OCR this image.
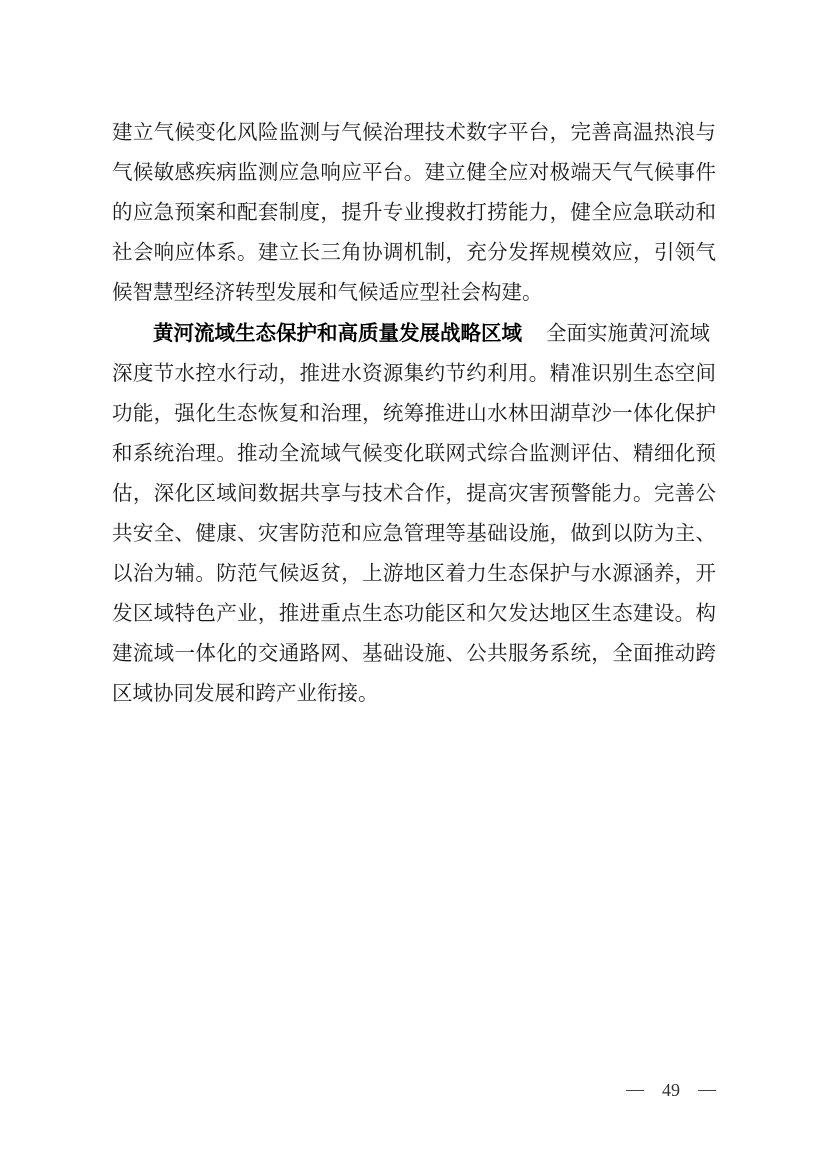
建立气候变化风险监测与气候治理技术数字平台，完善高温热浪与
气候敏感疾病监测应急响应平台。建立健全应对极端天气气候事件
的应急预案和配套制度，提升专业搜救打捞能力，健全应急联动和
社会响应体系。建立长三角协调机制，充分发挥规模效应，引领气
候智慧型经济转型发展和气候适应型社会构建。
黄河流域生态保护和高质量发展战略区域 全面实施黄河流域
深度节水控水行动，推进水资源集约节约利用。精准识别生态空间
功能，强化生态恢复和治理，统筹推进山水林田湖草沙一体化保护
和系统治理。推动全流域气候变化联网式综合监测评估、精细化预
估，深化区域间数据共享与技术合作，提高灾害预警能力。完善公
共安全、健康、灾害防范和应急管理等基础设施，做到以防为主、
以治为辅。防范气候返贫，上游地区着力生态保护与水源涵养，开
发区域特色产业，推进重点生态功能区和欠发达地区生态建设。构
建流域一体化的交通路网、基础设施、公共服务系统，全面推动跨
区域协同发展和跨产业衔接。
49
